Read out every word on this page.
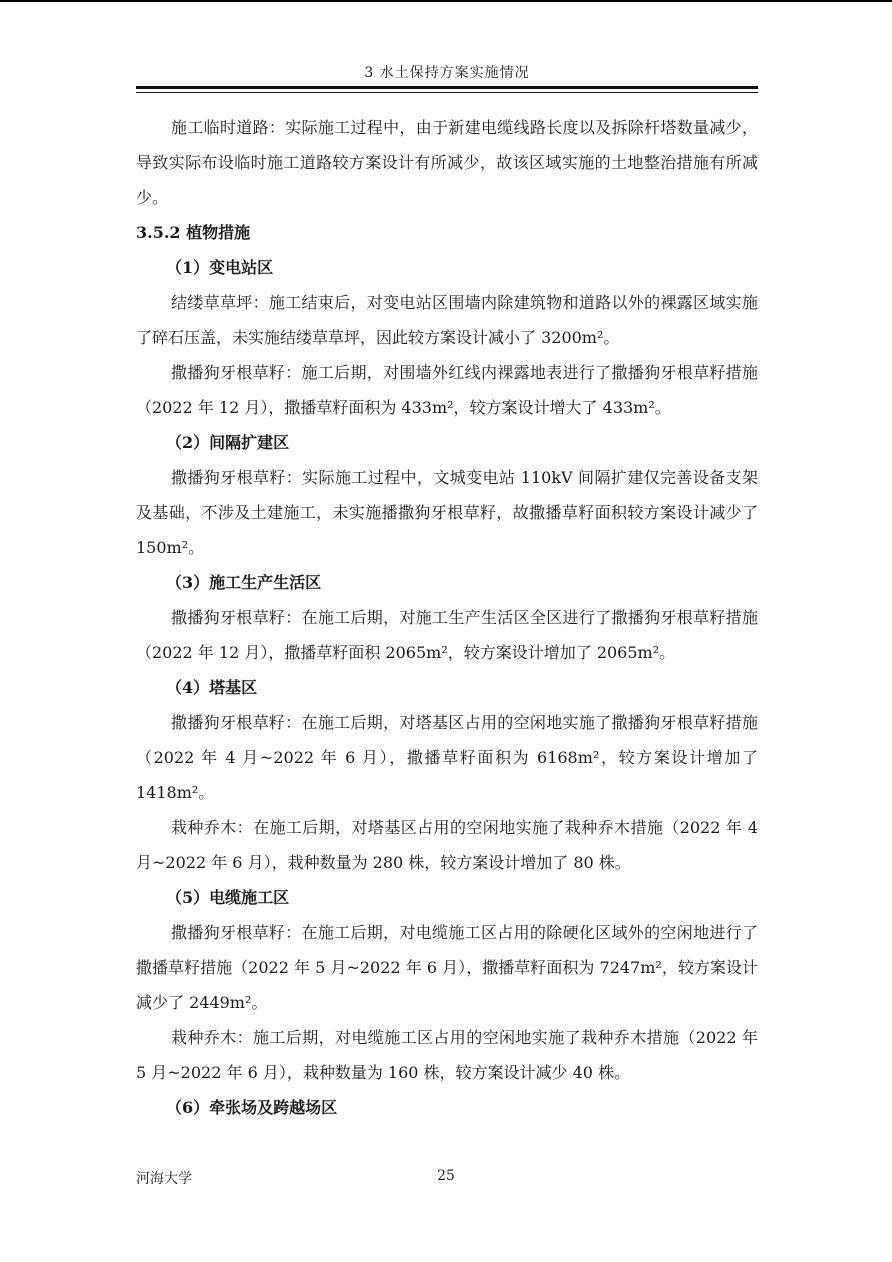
3 水土保持方案实施情况

施工临时道路：实际施工过程中，由于新建电缆线路长度以及拆除杆塔数量减少，导致实际布设临时施工道路较方案设计有所减少，故该区域实施的土地整治措施有所减少。

3.5.2 植物措施

（1）变电站区

结缕草草坪：施工结束后，对变电站区围墙内除建筑物和道路以外的裸露区域实施了碎石压盖，未实施结缕草草坪，因此较方案设计减小了 3200m²。

撒播狗牙根草籽：施工后期，对围墙外红线内裸露地表进行了撒播狗牙根草籽措施（2022 年 12 月），撒播草籽面积为 433m²，较方案设计增大了 433m²。

（2）间隔扩建区

撒播狗牙根草籽：实际施工过程中，文城变电站 110kV 间隔扩建仅完善设备支架及基础，不涉及土建施工，未实施播撒狗牙根草籽，故撒播草籽面积较方案设计减少了 150m²。

（3）施工生产生活区

撒播狗牙根草籽：在施工后期，对施工生产生活区全区进行了撒播狗牙根草籽措施（2022 年 12 月），撒播草籽面积 2065m²，较方案设计增加了 2065m²。

（4）塔基区

撒播狗牙根草籽：在施工后期，对塔基区占用的空闲地实施了撒播狗牙根草籽措施（2022 年 4 月~2022 年 6 月），撒播草籽面积为 6168m²，较方案设计增加了 1418m²。

栽种乔木：在施工后期，对塔基区占用的空闲地实施了栽种乔木措施（2022 年 4 月~2022 年 6 月），栽种数量为 280 株，较方案设计增加了 80 株。

（5）电缆施工区

撒播狗牙根草籽：在施工后期，对电缆施工区占用的除硬化区域外的空闲地进行了撒播草籽措施（2022 年 5 月~2022 年 6 月），撒播草籽面积为 7247m²，较方案设计减少了 2449m²。

栽种乔木：施工后期，对电缆施工区占用的空闲地实施了栽种乔木措施（2022 年 5 月~2022 年 6 月），栽种数量为 160 株，较方案设计减少 40 株。

（6）牵张场及跨越场区

河海大学	25
